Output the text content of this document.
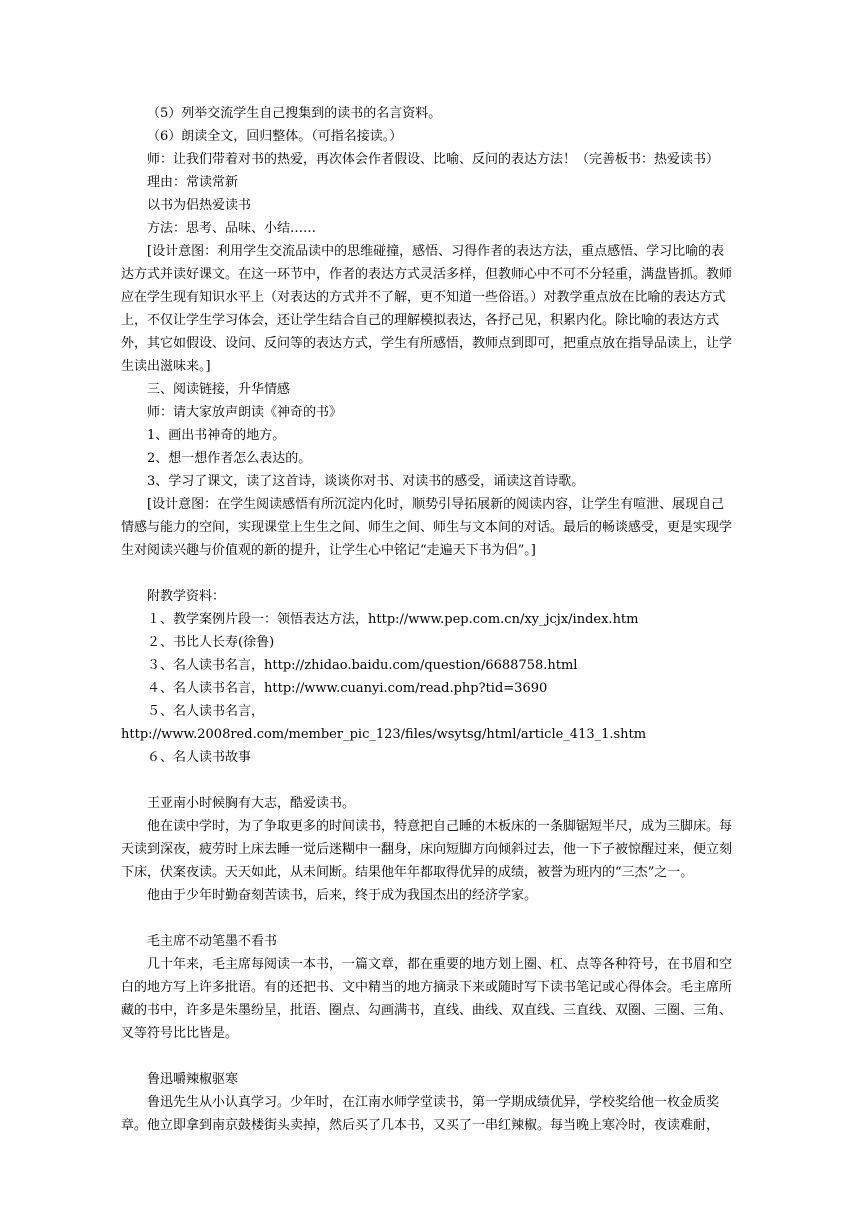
（5）列举交流学生自己搜集到的读书的名言资料。

（6）朗读全文，回归整体。（可指名接读。）

师：让我们带着对书的热爱，再次体会作者假设、比喻、反问的表达方法！（完善板书：热爱读书）

理由：常读常新

以书为侣热爱读书

方法：思考、品味、小结……

[设计意图：利用学生交流品读中的思维碰撞，感悟、习得作者的表达方法，重点感悟、学习比喻的表达方式并读好课文。在这一环节中，作者的表达方式灵活多样，但教师心中不可不分轻重，满盘皆抓。教师应在学生现有知识水平上（对表达的方式并不了解，更不知道一些俗语。）对教学重点放在比喻的表达方式上，不仅让学生学习体会，还让学生结合自己的理解模拟表达，各抒己见，积累内化。除比喻的表达方式外，其它如假设、设问、反问等的表达方式，学生有所感悟，教师点到即可，把重点放在指导品读上，让学生读出滋味来。]

三、阅读链接，升华情感

师：请大家放声朗读《神奇的书》

1、画出书神奇的地方。

2、想一想作者怎么表达的。

3、学习了课文，读了这首诗，谈谈你对书、对读书的感受，诵读这首诗歌。

[设计意图：在学生阅读感悟有所沉淀内化时，顺势引导拓展新的阅读内容，让学生有喧泄、展现自己情感与能力的空间，实现课堂上生生之间、师生之间、师生与文本间的对话。最后的畅谈感受，更是实现学生对阅读兴趣与价值观的新的提升，让学生心中铭记“走遍天下书为侣”。]

附教学资料：

１、教学案例片段一：领悟表达方法，http://www.pep.com.cn/xy_jcjx/index.htm

２、书比人长寿(徐鲁)

３、名人读书名言，http://zhidao.baidu.com/question/6688758.html

４、名人读书名言，http://www.cuanyi.com/read.php?tid=3690

５、名人读书名言，http://www.2008red.com/member_pic_123/files/wsytsg/html/article_413_1.shtm

６、名人读书故事

王亚南小时候胸有大志，酷爱读书。

他在读中学时，为了争取更多的时间读书，特意把自己睡的木板床的一条脚锯短半尺，成为三脚床。每天读到深夜，疲劳时上床去睡一觉后迷糊中一翻身，床向短脚方向倾斜过去，他一下子被惊醒过来，便立刻下床，伏案夜读。天天如此，从未间断。结果他年年都取得优异的成绩，被誉为班内的“三杰”之一。

他由于少年时勤奋刻苦读书，后来，终于成为我国杰出的经济学家。

毛主席不动笔墨不看书

几十年来，毛主席每阅读一本书，一篇文章，都在重要的地方划上圈、杠、点等各种符号，在书眉和空白的地方写上许多批语。有的还把书、文中精当的地方摘录下来或随时写下读书笔记或心得体会。毛主席所藏的书中，许多是朱墨纷呈，批语、圈点、勾画满书，直线、曲线、双直线、三直线、双圈、三圈、三角、叉等符号比比皆是。

鲁迅嚼辣椒驱寒

鲁迅先生从小认真学习。少年时，在江南水师学堂读书，第一学期成绩优异，学校奖给他一枚金质奖章。他立即拿到南京鼓楼街头卖掉，然后买了几本书，又买了一串红辣椒。每当晚上寒冷时，夜读难耐，
